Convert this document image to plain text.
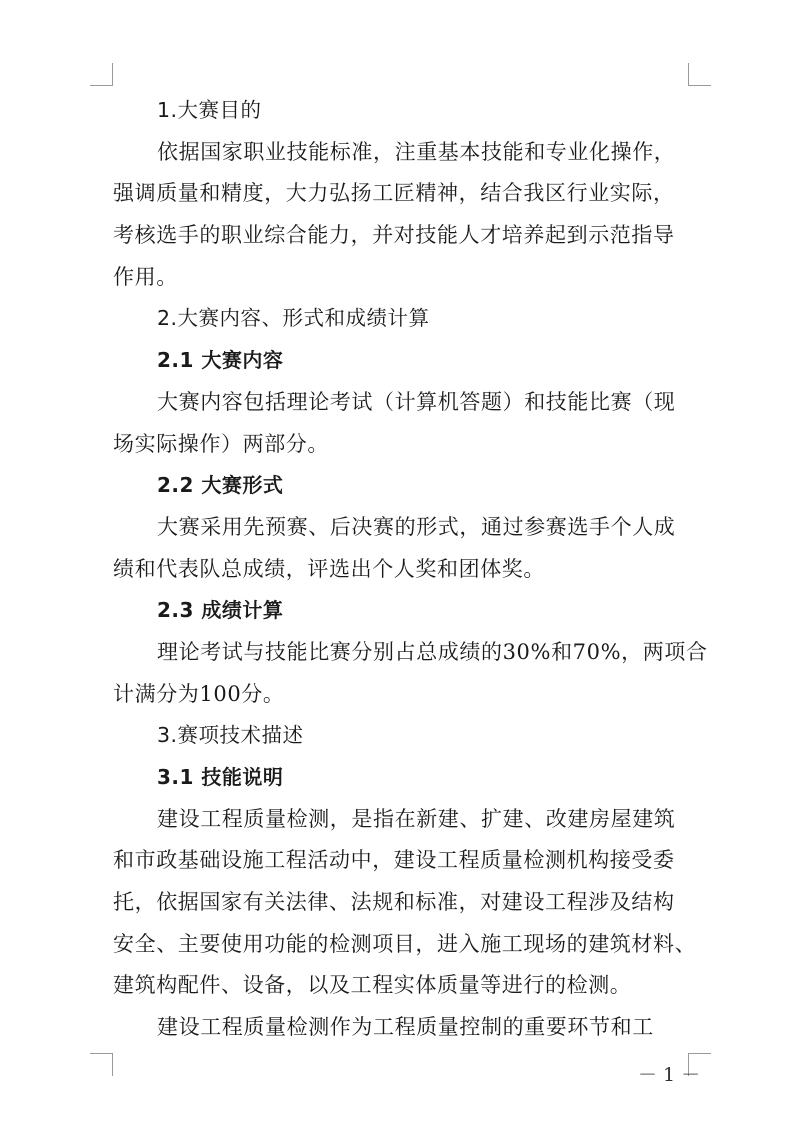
1.大赛目的
依据国家职业技能标准，注重基本技能和专业化操作，
强调质量和精度，大力弘扬工匠精神，结合我区行业实际，
考核选手的职业综合能力，并对技能人才培养起到示范指导
作用。
2.大赛内容、形式和成绩计算
2.1 大赛内容
大赛内容包括理论考试（计算机答题）和技能比赛（现
场实际操作）两部分。
2.2 大赛形式
大赛采用先预赛、后决赛的形式，通过参赛选手个人成
绩和代表队总成绩，评选出个人奖和团体奖。
2.3 成绩计算
理论考试与技能比赛分别占总成绩的30%和70%，两项合
计满分为100分。
3.赛项技术描述
3.1 技能说明
建设工程质量检测，是指在新建、扩建、改建房屋建筑
和市政基础设施工程活动中，建设工程质量检测机构接受委
托，依据国家有关法律、法规和标准，对建设工程涉及结构
安全、主要使用功能的检测项目，进入施工现场的建筑材料、
建筑构配件、设备，以及工程实体质量等进行的检测。
建设工程质量检测作为工程质量控制的重要环节和工
－ 1 －
